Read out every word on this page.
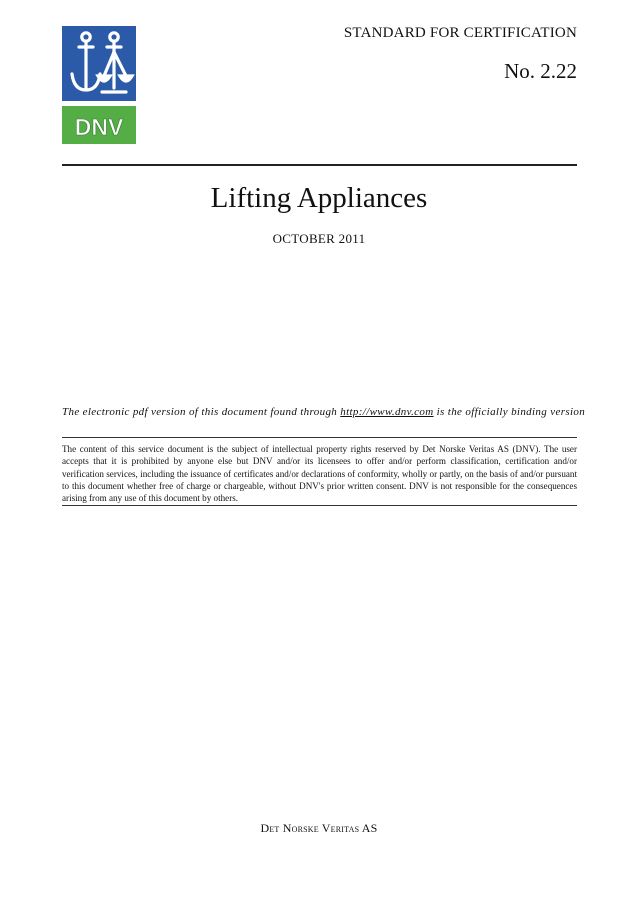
DNV
STANDARD FOR CERTIFICATION
No. 2.22
Lifting Appliances
OCTOBER 2011
The electronic pdf version of this document found through http://www.dnv.com is the officially binding version
The content of this service document is the subject of intellectual property rights reserved by Det Norske Veritas AS (DNV). The user accepts that it is prohibited by anyone else but DNV and/or its licensees to offer and/or perform classification, certification and/or verification services, including the issuance of certificates and/or declarations of conformity, wholly or partly, on the basis of and/or pursuant to this document whether free of charge or chargeable, without DNV's prior written consent. DNV is not responsible for the consequences arising from any use of this document by others.
Det Norske Veritas AS
